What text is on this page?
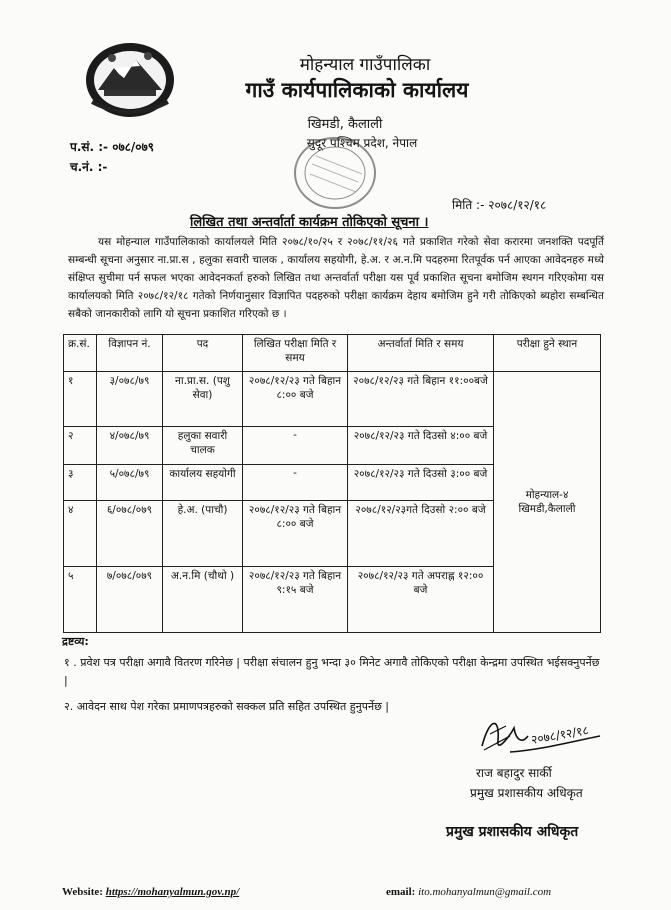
मोहन्याल गाउँपालिका
गाउँ कार्यपालिकाको कार्यालय
खिमडी, कैलाली
सुदूर पश्चिम प्रदेश, नेपाल
प.सं. :- ०७८/०७९
च.नं. :-
मिति :- २०७८/१२/१८
लिखित तथा अन्तर्वार्ता कार्यक्रम तोकिएको सूचना ।
यस मोहन्याल गाउँपालिकाको कार्यालयले मिति २०७८/१०/२५ र २०७८/११/२६ गते प्रकाशित गरेको सेवा करारमा जनशक्ति पदपूर्ति सम्बन्धी सूचना अनुसार ना.प्रा.स , हलुका सवारी चालक , कार्यालय सहयोगी, हे.अ. र अ.न.मि पदहरुमा रितपूर्वक पर्न आएका आवेदनहरु मध्ये संक्षिप्त सुचीमा पर्न सफल भएका आवेदनकर्ता हरुको लिखित तथा अन्तर्वार्ता परीक्षा यस पूर्व प्रकाशित सूचना बमोजिम स्थगन गरिएकोमा यस कार्यालयको मिति २०७८/१२/१८ गतेको निर्णयानुसार विज्ञापित पदहरुको परीक्षा कार्यक्रम देहाय बमोजिम हुने गरी तोकिएको ब्यहोरा सम्बन्धित सबैको जानकारीको लागि यो सूचना प्रकाशित गरिएको छ ।
क्र.सं.	विज्ञापन नं.	पद	लिखित परीक्षा मिति र समय	अन्तर्वार्ता मिति र समय	परीक्षा हुने स्थान
१	३/०७८/७९	ना.प्रा.स. (पशु सेवा)	२०७८/१२/२३ गते बिहान ८:०० बजे	२०७८/१२/२३ गते बिहान ११:००बजे	मोहन्याल-४ खिमडी,कैलाली
२	४/०७८/७९	हलुका सवारी चालक	-	२०७८/१२/२३ गते दिउसो ४:०० बजे	
३	५/०७८/७९	कार्यालय सहयोगी	-	२०७८/१२/२३ गते दिउसो ३:०० बजे	
४	६/०७८/०७९	हे.अ. (पाचौ)	२०७८/१२/२३ गते बिहान ८:०० बजे	२०७८/१२/२३गते दिउसो २:०० बजे	
५	७/०७८/०७९	अ.न.मि (चौथो )	२०७८/१२/२३ गते बिहान ९:१५ बजे	२०७८/१२/२३ गते अपराह्न १२:०० बजे	
द्रष्टव्य:
१ . प्रवेश पत्र परीक्षा अगावै वितरण गरिनेछ | परीक्षा संचालन हुनु भन्दा ३० मिनेट अगावै तोकिएको परीक्षा केन्द्रमा उपस्थित भईसक्नुपर्नेछ |
२. आवेदन साथ पेश गरेका प्रमाणपत्रहरुको सक्कल प्रति सहित उपस्थित हुनुपर्नेछ |
२०७८/१२/१८
राज बहादुर सार्की
प्रमुख प्रशासकीय अधिकृत
प्रमुख प्रशासकीय अधिकृत
Website: https://mohanyalmun.gov.np/	email: ito.mohanyalmun@gmail.com
